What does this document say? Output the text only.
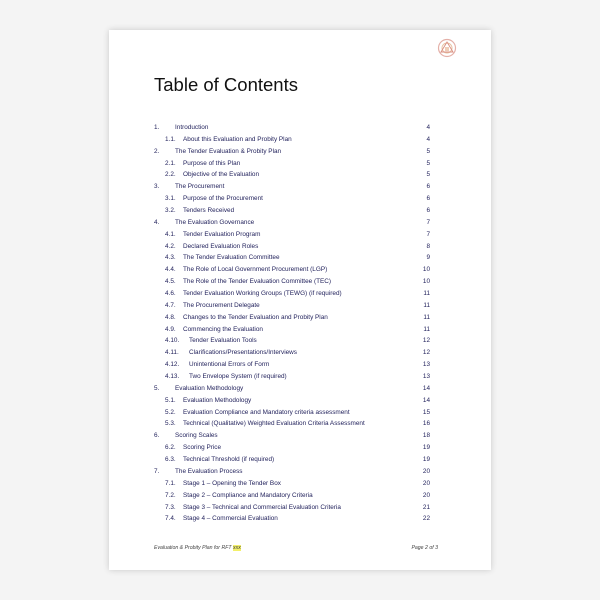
Table of Contents
1. Introduction	4
1.1. About this Evaluation and Probity Plan	4
2. The Tender Evaluation & Probity Plan	5
2.1. Purpose of this Plan	5
2.2. Objective of the Evaluation	5
3. The Procurement	6
3.1. Purpose of the Procurement	6
3.2. Tenders Received	6
4. The Evaluation Governance	7
4.1. Tender Evaluation Program	7
4.2. Declared Evaluation Roles	8
4.3. The Tender Evaluation Committee	9
4.4. The Role of Local Government Procurement (LGP)	10
4.5. The Role of the Tender Evaluation Committee (TEC)	10
4.6. Tender Evaluation Working Groups (TEWG) (if required)	11
4.7. The Procurement Delegate	11
4.8. Changes to the Tender Evaluation and Probity Plan	11
4.9. Commencing the Evaluation	11
4.10. Tender Evaluation Tools	12
4.11. Clarifications/Presentations/Interviews	12
4.12. Unintentional Errors of Form	13
4.13. Two Envelope System (if required)	13
5. Evaluation Methodology	14
5.1. Evaluation Methodology	14
5.2. Evaluation Compliance and Mandatory criteria assessment	15
5.3. Technical (Qualitative) Weighted Evaluation Criteria Assessment	16
6. Scoring Scales	18
6.2. Scoring Price	19
6.3. Technical Threshold (if required)	19
7. The Evaluation Process	20
7.1. Stage 1 – Opening the Tender Box	20
7.2. Stage 2 – Compliance and Mandatory Criteria	20
7.3. Stage 3 – Technical and Commercial Evaluation Criteria	21
7.4. Stage 4 – Commercial Evaluation	22
Evaluation & Probity Plan for RFT xxx	Page 2 of 3
